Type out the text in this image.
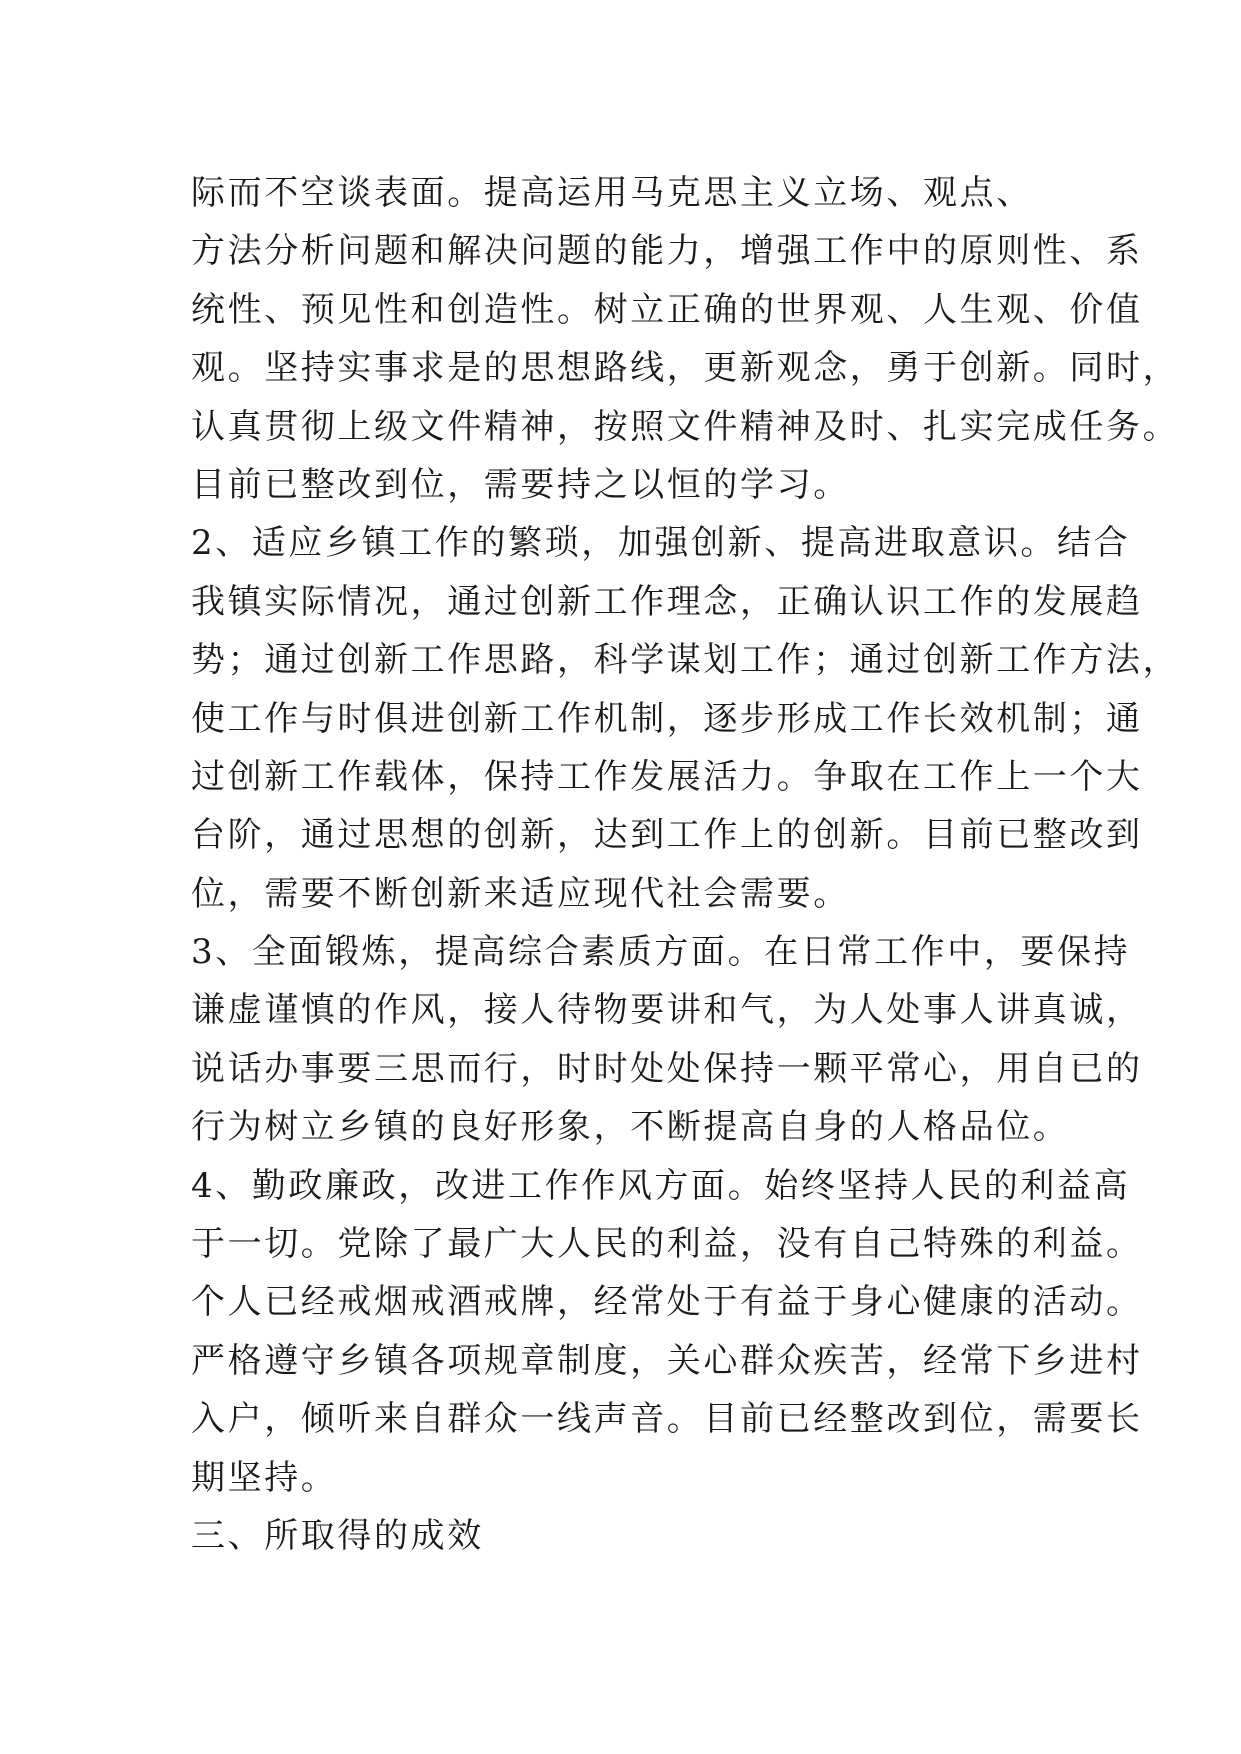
际而不空谈表面。提高运用马克思主义立场、观点、
方法分析问题和解决问题的能力，增强工作中的原则性、系
统性、预见性和创造性。树立正确的世界观、人生观、价值
观。坚持实事求是的思想路线，更新观念，勇于创新。同时，
认真贯彻上级文件精神，按照文件精神及时、扎实完成任务。
目前已整改到位，需要持之以恒的学习。
2、适应乡镇工作的繁琐，加强创新、提高进取意识。结合
我镇实际情况，通过创新工作理念，正确认识工作的发展趋
势；通过创新工作思路，科学谋划工作；通过创新工作方法，
使工作与时俱进创新工作机制，逐步形成工作长效机制；通
过创新工作载体，保持工作发展活力。争取在工作上一个大
台阶，通过思想的创新，达到工作上的创新。目前已整改到
位，需要不断创新来适应现代社会需要。
3、全面锻炼，提高综合素质方面。在日常工作中，要保持
谦虚谨慎的作风，接人待物要讲和气，为人处事人讲真诚，
说话办事要三思而行，时时处处保持一颗平常心，用自已的
行为树立乡镇的良好形象，不断提高自身的人格品位。
4、勤政廉政，改进工作作风方面。始终坚持人民的利益高
于一切。党除了最广大人民的利益，没有自己特殊的利益。
个人已经戒烟戒酒戒牌，经常处于有益于身心健康的活动。
严格遵守乡镇各项规章制度，关心群众疾苦，经常下乡进村
入户，倾听来自群众一线声音。目前已经整改到位，需要长
期坚持。
三、所取得的成效
